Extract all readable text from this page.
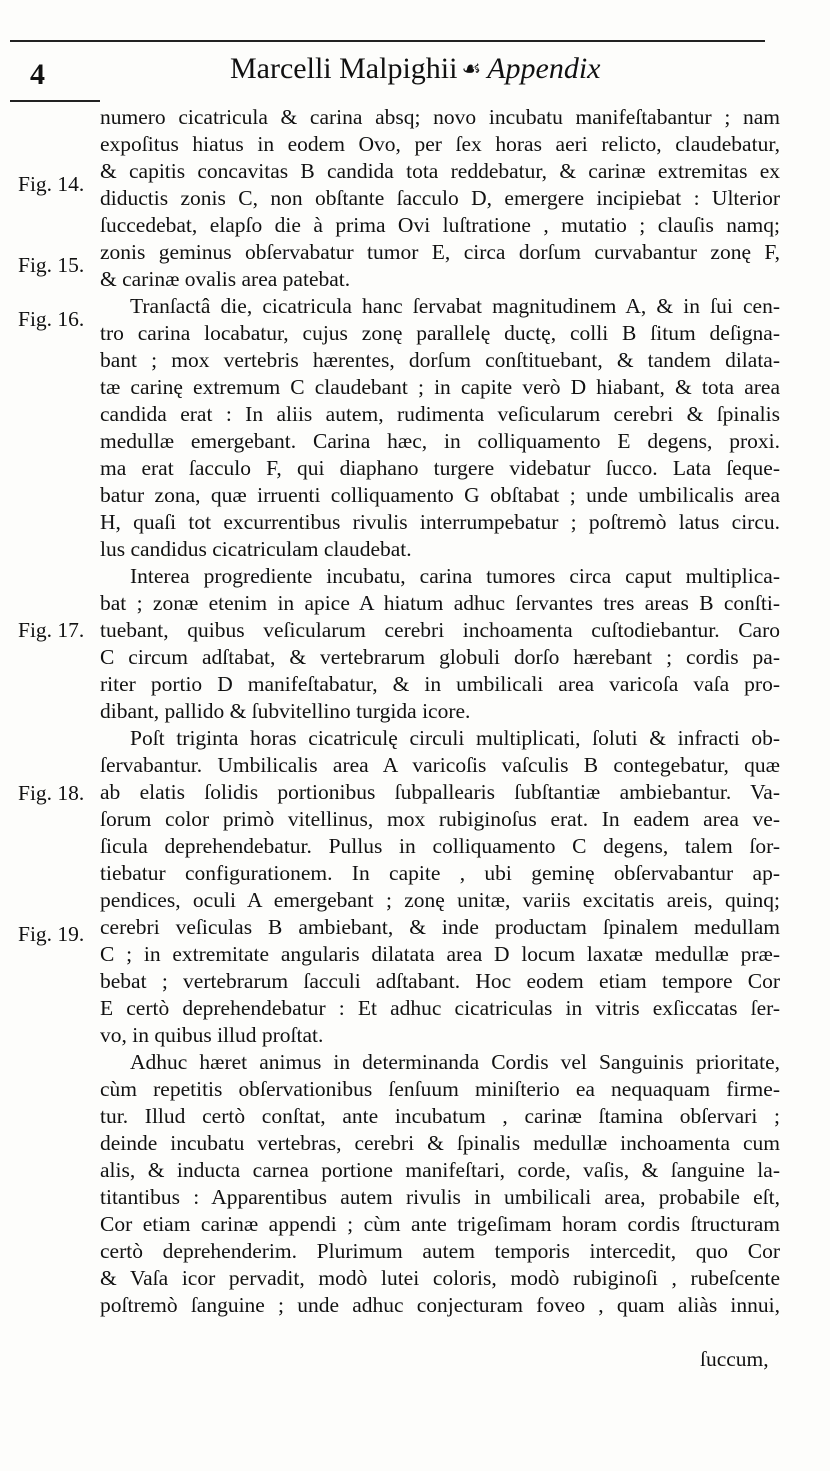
4	Marcelli Malpighii ☙ Appendix
Fig. 14.
Fig. 15.
Fig. 16.
Fig. 17.
Fig. 18.
Fig. 19.
numero cicatricula & carina absq; novo incubatu manifeſtabantur ; nam
expoſitus hiatus in eodem Ovo, per ſex horas aeri relicto, claudebatur,
& capitis concavitas B candida tota reddebatur, & carinæ extremitas ex
diductis zonis C, non obſtante ſacculo D, emergere incipiebat : Ulterior
ſuccedebat, elapſo die à prima Ovi luſtratione , mutatio ; clauſis namq;
zonis geminus obſervabatur tumor E, circa dorſum curvabantur zonę F,
& carinæ ovalis area patebat.
Tranſactâ die, cicatricula hanc ſervabat magnitudinem A, & in ſui cen-
tro carina locabatur, cujus zonę parallelę ductę, colli B ſitum deſigna-
bant ; mox vertebris hærentes, dorſum conſtituebant, & tandem dilata-
tæ carinę extremum C claudebant ; in capite verò D hiabant, & tota area
candida erat : In aliis autem, rudimenta veſicularum cerebri & ſpinalis
medullæ emergebant. Carina hæc, in colliquamento E degens, proxi.
ma erat ſacculo F, qui diaphano turgere videbatur ſucco. Lata ſeque-
batur zona, quæ irruenti colliquamento G obſtabat ; unde umbilicalis area
H, quaſi tot excurrentibus rivulis interrumpebatur ; poſtremò latus circu.
lus candidus cicatriculam claudebat.
Interea progrediente incubatu, carina tumores circa caput multiplica-
bat ; zonæ etenim in apice A hiatum adhuc ſervantes tres areas B conſti-
tuebant, quibus veſicularum cerebri inchoamenta cuſtodiebantur. Caro
C circum adſtabat, & vertebrarum globuli dorſo hærebant ; cordis pa-
riter portio D manifeſtabatur, & in umbilicali area varicoſa vaſa pro-
dibant, pallido & ſubvitellino turgida icore.
Poſt triginta horas cicatriculę circuli multiplicati, ſoluti & infracti ob-
ſervabantur. Umbilicalis area A varicoſis vaſculis B contegebatur, quæ
ab elatis ſolidis portionibus ſubpallearis ſubſtantiæ ambiebantur. Va-
ſorum color primò vitellinus, mox rubiginoſus erat. In eadem area ve-
ſicula deprehendebatur. Pullus in colliquamento C degens, talem ſor-
tiebatur configurationem. In capite , ubi geminę obſervabantur ap-
pendices, oculi A emergebant ; zonę unitæ, variis excitatis areis, quinq;
cerebri veſiculas B ambiebant, & inde productam ſpinalem medullam
C ; in extremitate angularis dilatata area D locum laxatæ medullæ præ-
bebat ; vertebrarum ſacculi adſtabant. Hoc eodem etiam tempore Cor
E certò deprehendebatur : Et adhuc cicatriculas in vitris exſiccatas ſer-
vo, in quibus illud proſtat.
Adhuc hæret animus in determinanda Cordis vel Sanguinis prioritate,
cùm repetitis obſervationibus ſenſuum miniſterio ea nequaquam firme-
tur. Illud certò conſtat, ante incubatum , carinæ ſtamina obſervari ;
deinde incubatu vertebras, cerebri & ſpinalis medullæ inchoamenta cum
alis, & inducta carnea portione manifeſtari, corde, vaſis, & ſanguine la-
titantibus : Apparentibus autem rivulis in umbilicali area, probabile eſt,
Cor etiam carinæ appendi ; cùm ante trigeſimam horam cordis ſtructuram
certò deprehenderim. Plurimum autem temporis intercedit, quo Cor
& Vaſa icor pervadit, modò lutei coloris, modò rubiginoſi , rubeſcente
poſtremò ſanguine ; unde adhuc conjecturam foveo , quam aliàs innui,
ſuccum,
